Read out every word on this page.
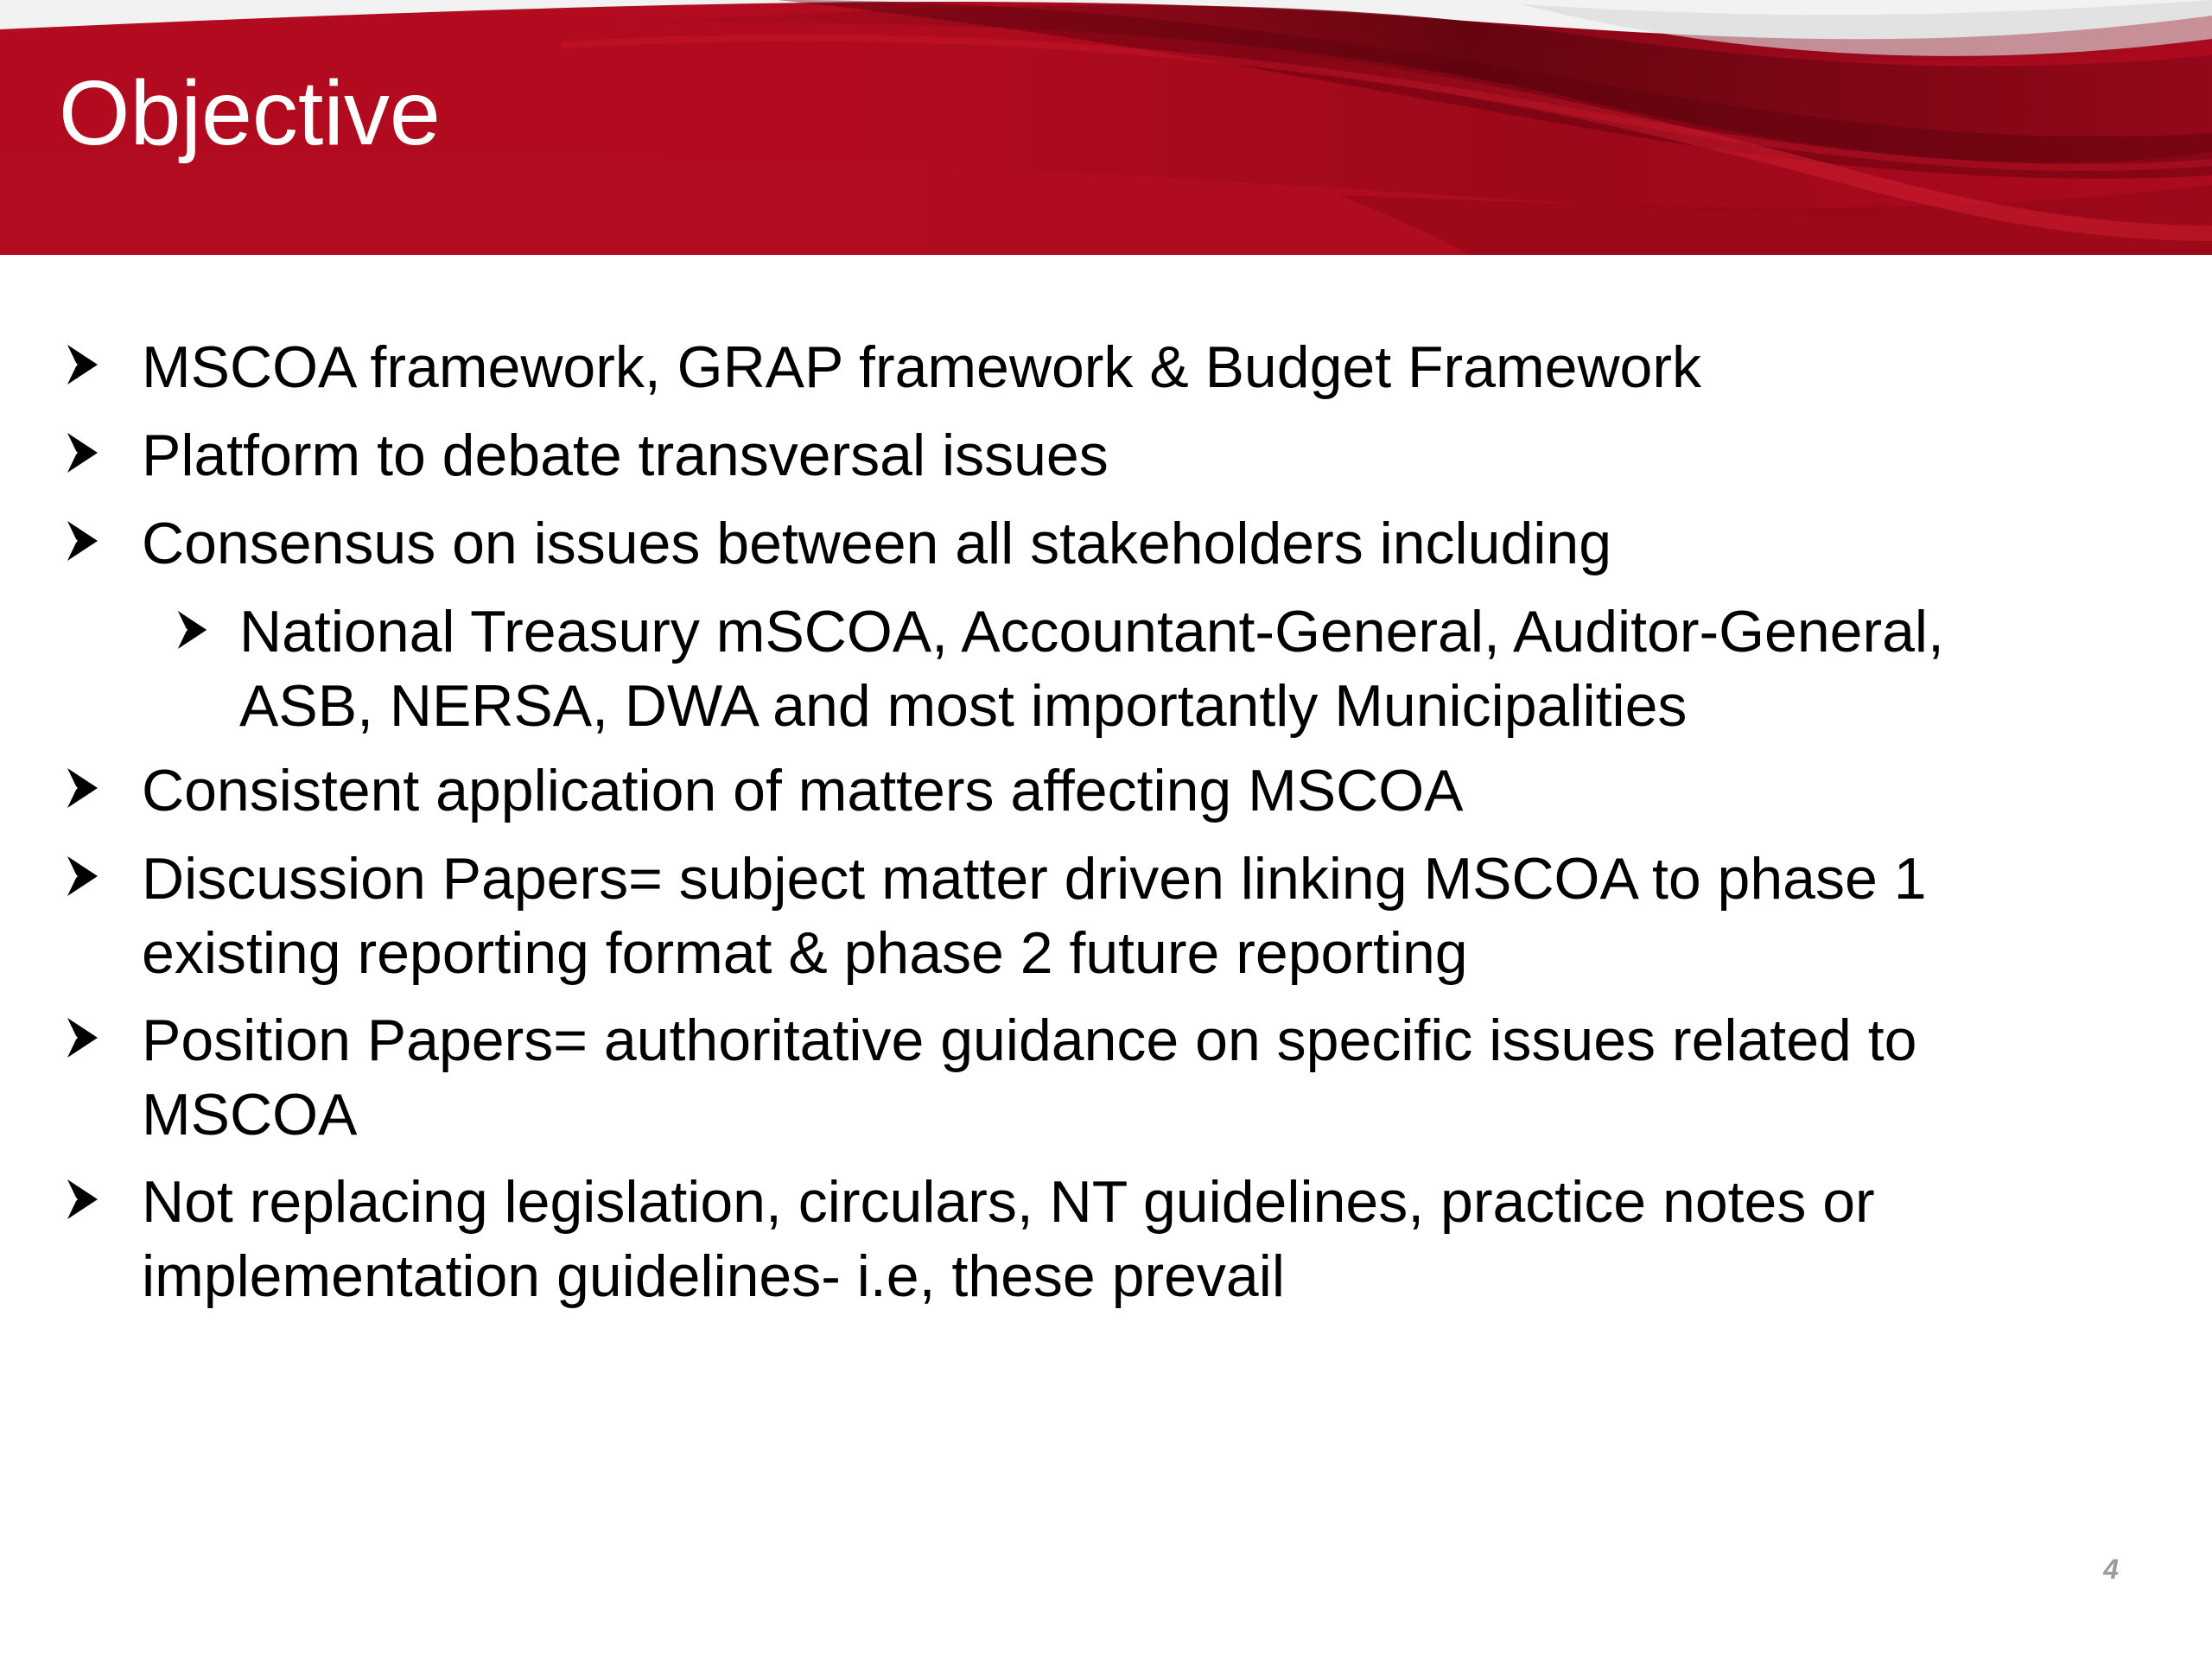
Objective
MSCOA framework, GRAP framework & Budget Framework
Platform to debate transversal issues
Consensus on issues between all stakeholders including
National Treasury mSCOA, Accountant-General, Auditor-General,
ASB, NERSA, DWA and most importantly Municipalities
Consistent application of matters affecting MSCOA
Discussion Papers= subject matter driven linking MSCOA to phase 1
existing reporting format & phase 2 future reporting
Position Papers= authoritative guidance on specific issues related to
MSCOA
Not replacing legislation, circulars, NT guidelines, practice notes or
implementation guidelines- i.e, these prevail
4
